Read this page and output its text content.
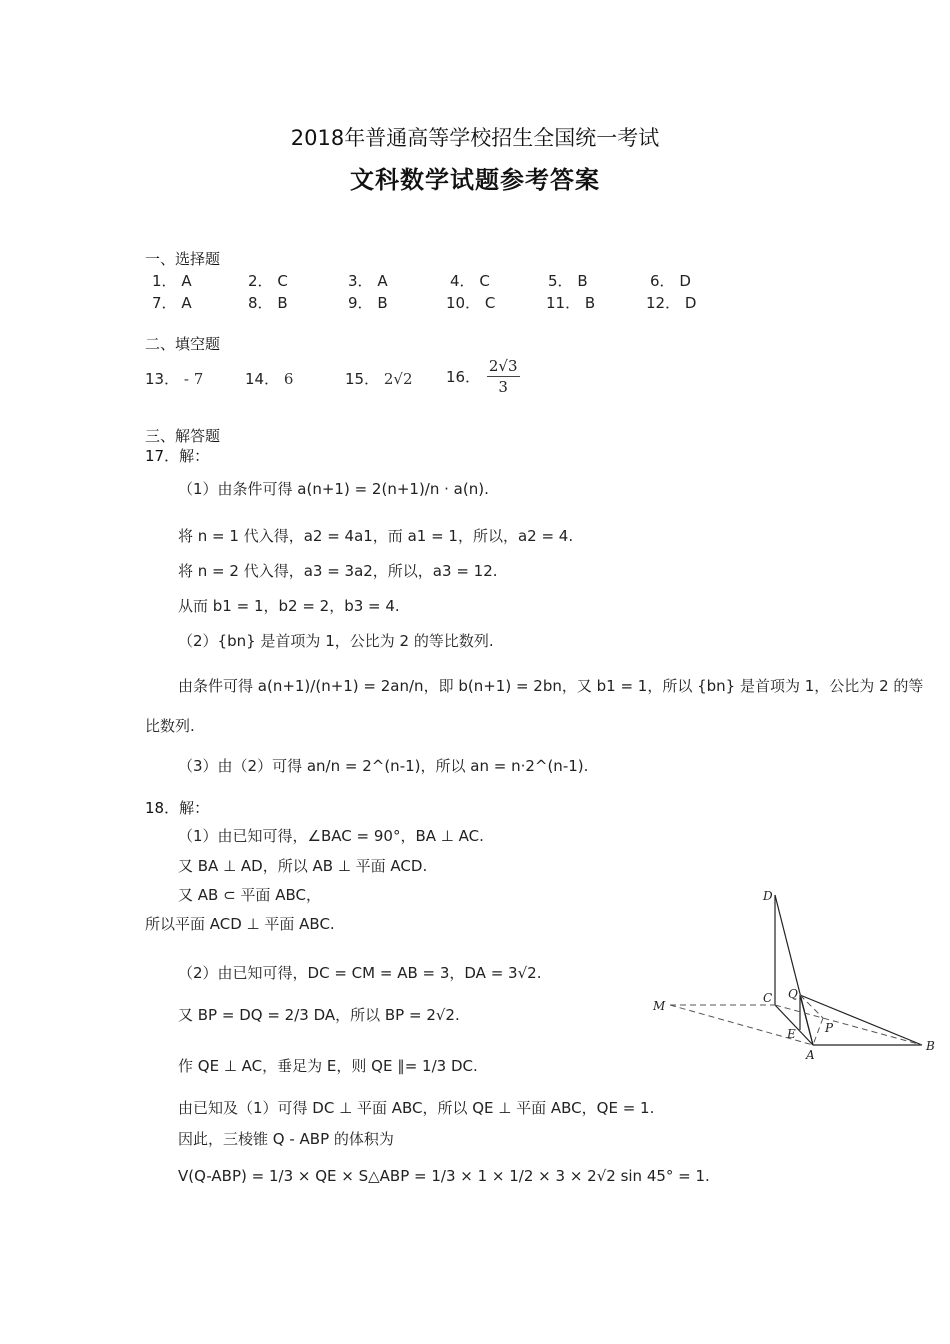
2018年普通高等学校招生全国统一考试
文科数学试题参考答案
一、选择题
1． A	2． C	3． A	4． C	5． B	6． D
7． A	8． B	9． B	10． C	11． B	12． D
二、填空题
13． - 7	14． 6	15． 2√2 16． $\frac{2√3}{3}$
三、解答题
17．解：
（1）由条件可得 a(n+1) = 2(n+1)/n · a(n).
将 n = 1 代入得，a2 = 4a1，而 a1 = 1，所以，a2 = 4.
将 n = 2 代入得，a3 = 3a2，所以，a3 = 12.
从而 b1 = 1，b2 = 2，b3 = 4.
（2）{bn} 是首项为 1，公比为 2 的等比数列.
由条件可得 a(n+1)/(n+1) = 2an/n，即 b(n+1) = 2bn，又 b1 = 1，所以 {bn} 是首项为 1，公比为 2 的等
比数列.
（3）由（2）可得 an/n = 2^(n-1)，所以 an = n·2^(n-1).
18．解：
（1）由已知可得，∠BAC = 90°，BA ⊥ AC.
又 BA ⊥ AD，所以 AB ⊥ 平面 ACD.
又 AB ⊂ 平面 ABC，
所以平面 ACD ⊥ 平面 ABC.
（2）由已知可得，DC = CM = AB = 3，DA = 3√2.
又 BP = DQ = 2/3 DA，所以 BP = 2√2.
作 QE ⊥ AC，垂足为 E，则 QE ∥= 1/3 DC.
由已知及（1）可得 DC ⊥ 平面 ABC，所以 QE ⊥ 平面 ABC，QE = 1.
因此，三棱锥 Q - ABP 的体积为
V(Q-ABP) = 1/3 × QE × S△ABP = 1/3 × 1 × 1/2 × 3 × 2√2 sin 45° = 1.
D
C Q
M
E P
A
B
